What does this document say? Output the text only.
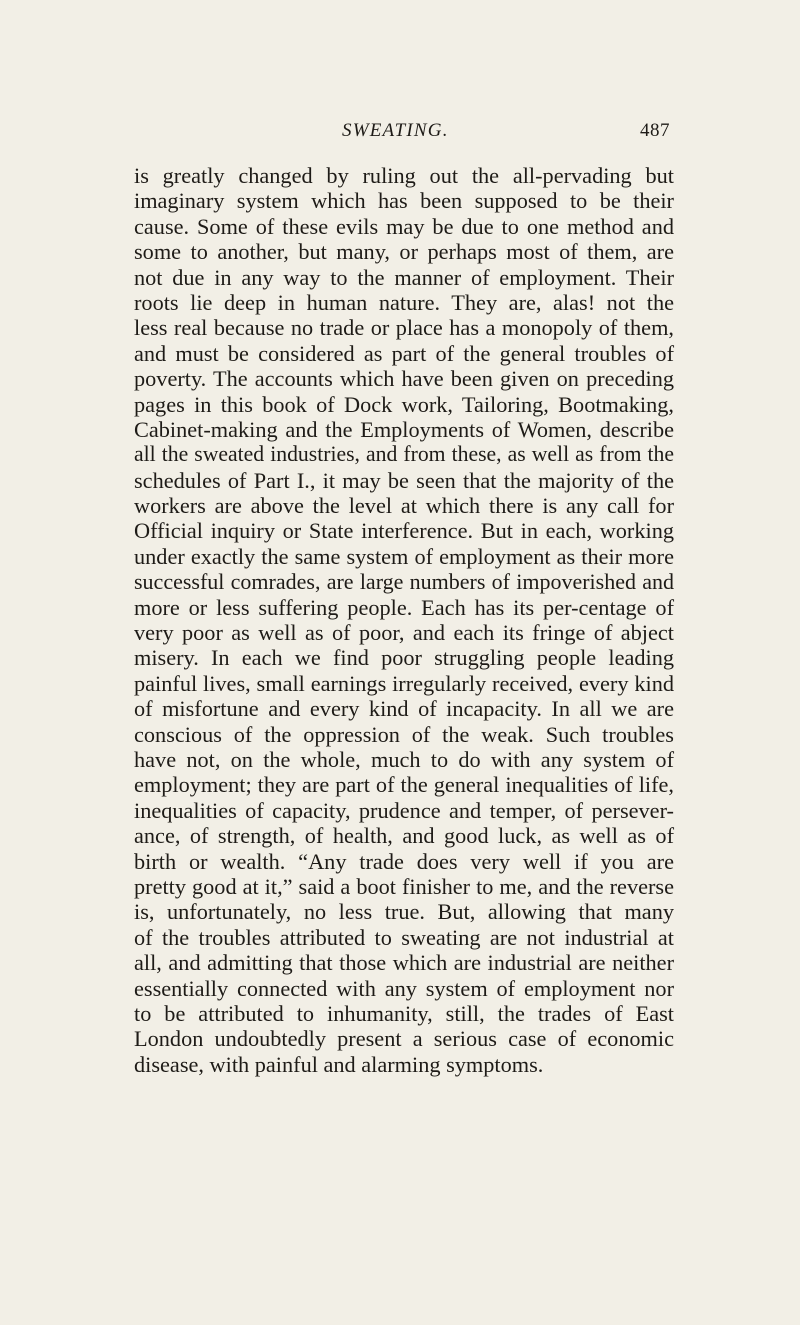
SWEATING.	487
is greatly changed by ruling out the all-pervading but
imaginary system which has been supposed to be their
cause. Some of these evils may be due to one method and
some to another, but many, or perhaps most of them, are
not due in any way to the manner of employment. Their
roots lie deep in human nature. They are, alas! not the
less real because no trade or place has a monopoly of them,
and must be considered as part of the general troubles of
poverty. The accounts which have been given on preceding
pages in this book of Dock work, Tailoring, Bootmaking,
Cabinet-making and the Employments of Women, describe
all the sweated industries, and from these, as well as from the
schedules of Part I., it may be seen that the majority of the
workers are above the level at which there is any call for
Official inquiry or State interference. But in each, working
under exactly the same system of employment as their more
successful comrades, are large numbers of impoverished and
more or less suffering people. Each has its per-centage of
very poor as well as of poor, and each its fringe of abject
misery. In each we find poor struggling people leading
painful lives, small earnings irregularly received, every kind
of misfortune and every kind of incapacity. In all we are
conscious of the oppression of the weak. Such troubles
have not, on the whole, much to do with any system of
employment; they are part of the general inequalities of life,
inequalities of capacity, prudence and temper, of persever-
ance, of strength, of health, and good luck, as well as of
birth or wealth. “Any trade does very well if you are
pretty good at it,” said a boot finisher to me, and the reverse
is, unfortunately, no less true. But, allowing that many
of the troubles attributed to sweating are not industrial at
all, and admitting that those which are industrial are neither
essentially connected with any system of employment nor
to be attributed to inhumanity, still, the trades of East
London undoubtedly present a serious case of economic
disease, with painful and alarming symptoms.
